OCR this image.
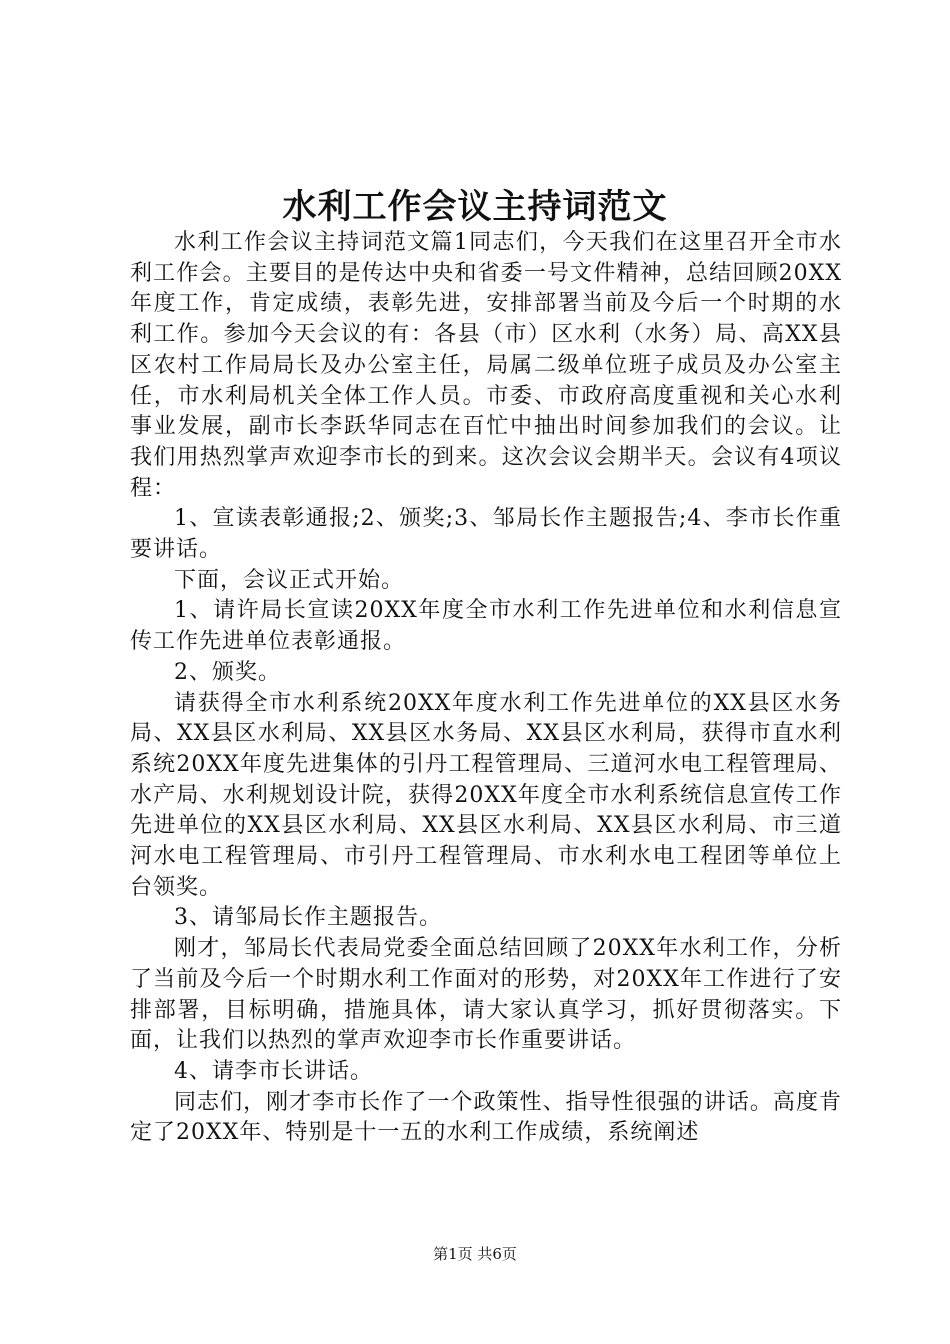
水利工作会议主持词范文

水利工作会议主持词范文篇1同志们，今天我们在这里召开全市水利工作会。主要目的是传达中央和省委一号文件精神，总结回顾20XX年度工作，肯定成绩，表彰先进，安排部署当前及今后一个时期的水利工作。参加今天会议的有：各县（市）区水利（水务）局、高XX县区农村工作局局长及办公室主任，局属二级单位班子成员及办公室主任，市水利局机关全体工作人员。市委、市政府高度重视和关心水利事业发展，副市长李跃华同志在百忙中抽出时间参加我们的会议。让我们用热烈掌声欢迎李市长的到来。这次会议会期半天。会议有4项议程：

1、宣读表彰通报;2、颁奖;3、邹局长作主题报告;4、李市长作重要讲话。

下面，会议正式开始。

1、请许局长宣读20XX年度全市水利工作先进单位和水利信息宣传工作先进单位表彰通报。

2、颁奖。

请获得全市水利系统20XX年度水利工作先进单位的XX县区水务局、XX县区水利局、XX县区水务局、XX县区水利局，获得市直水利系统20XX年度先进集体的引丹工程管理局、三道河水电工程管理局、水产局、水利规划设计院，获得20XX年度全市水利系统信息宣传工作先进单位的XX县区水利局、XX县区水利局、XX县区水利局、市三道河水电工程管理局、市引丹工程管理局、市水利水电工程团等单位上台领奖。

3、请邹局长作主题报告。

刚才，邹局长代表局党委全面总结回顾了20XX年水利工作，分析了当前及今后一个时期水利工作面对的形势，对20XX年工作进行了安排部署，目标明确，措施具体，请大家认真学习，抓好贯彻落实。下面，让我们以热烈的掌声欢迎李市长作重要讲话。

4、请李市长讲话。

同志们，刚才李市长作了一个政策性、指导性很强的讲话。高度肯定了20XX年、特别是十一五的水利工作成绩，系统阐述

第1页 共6页
